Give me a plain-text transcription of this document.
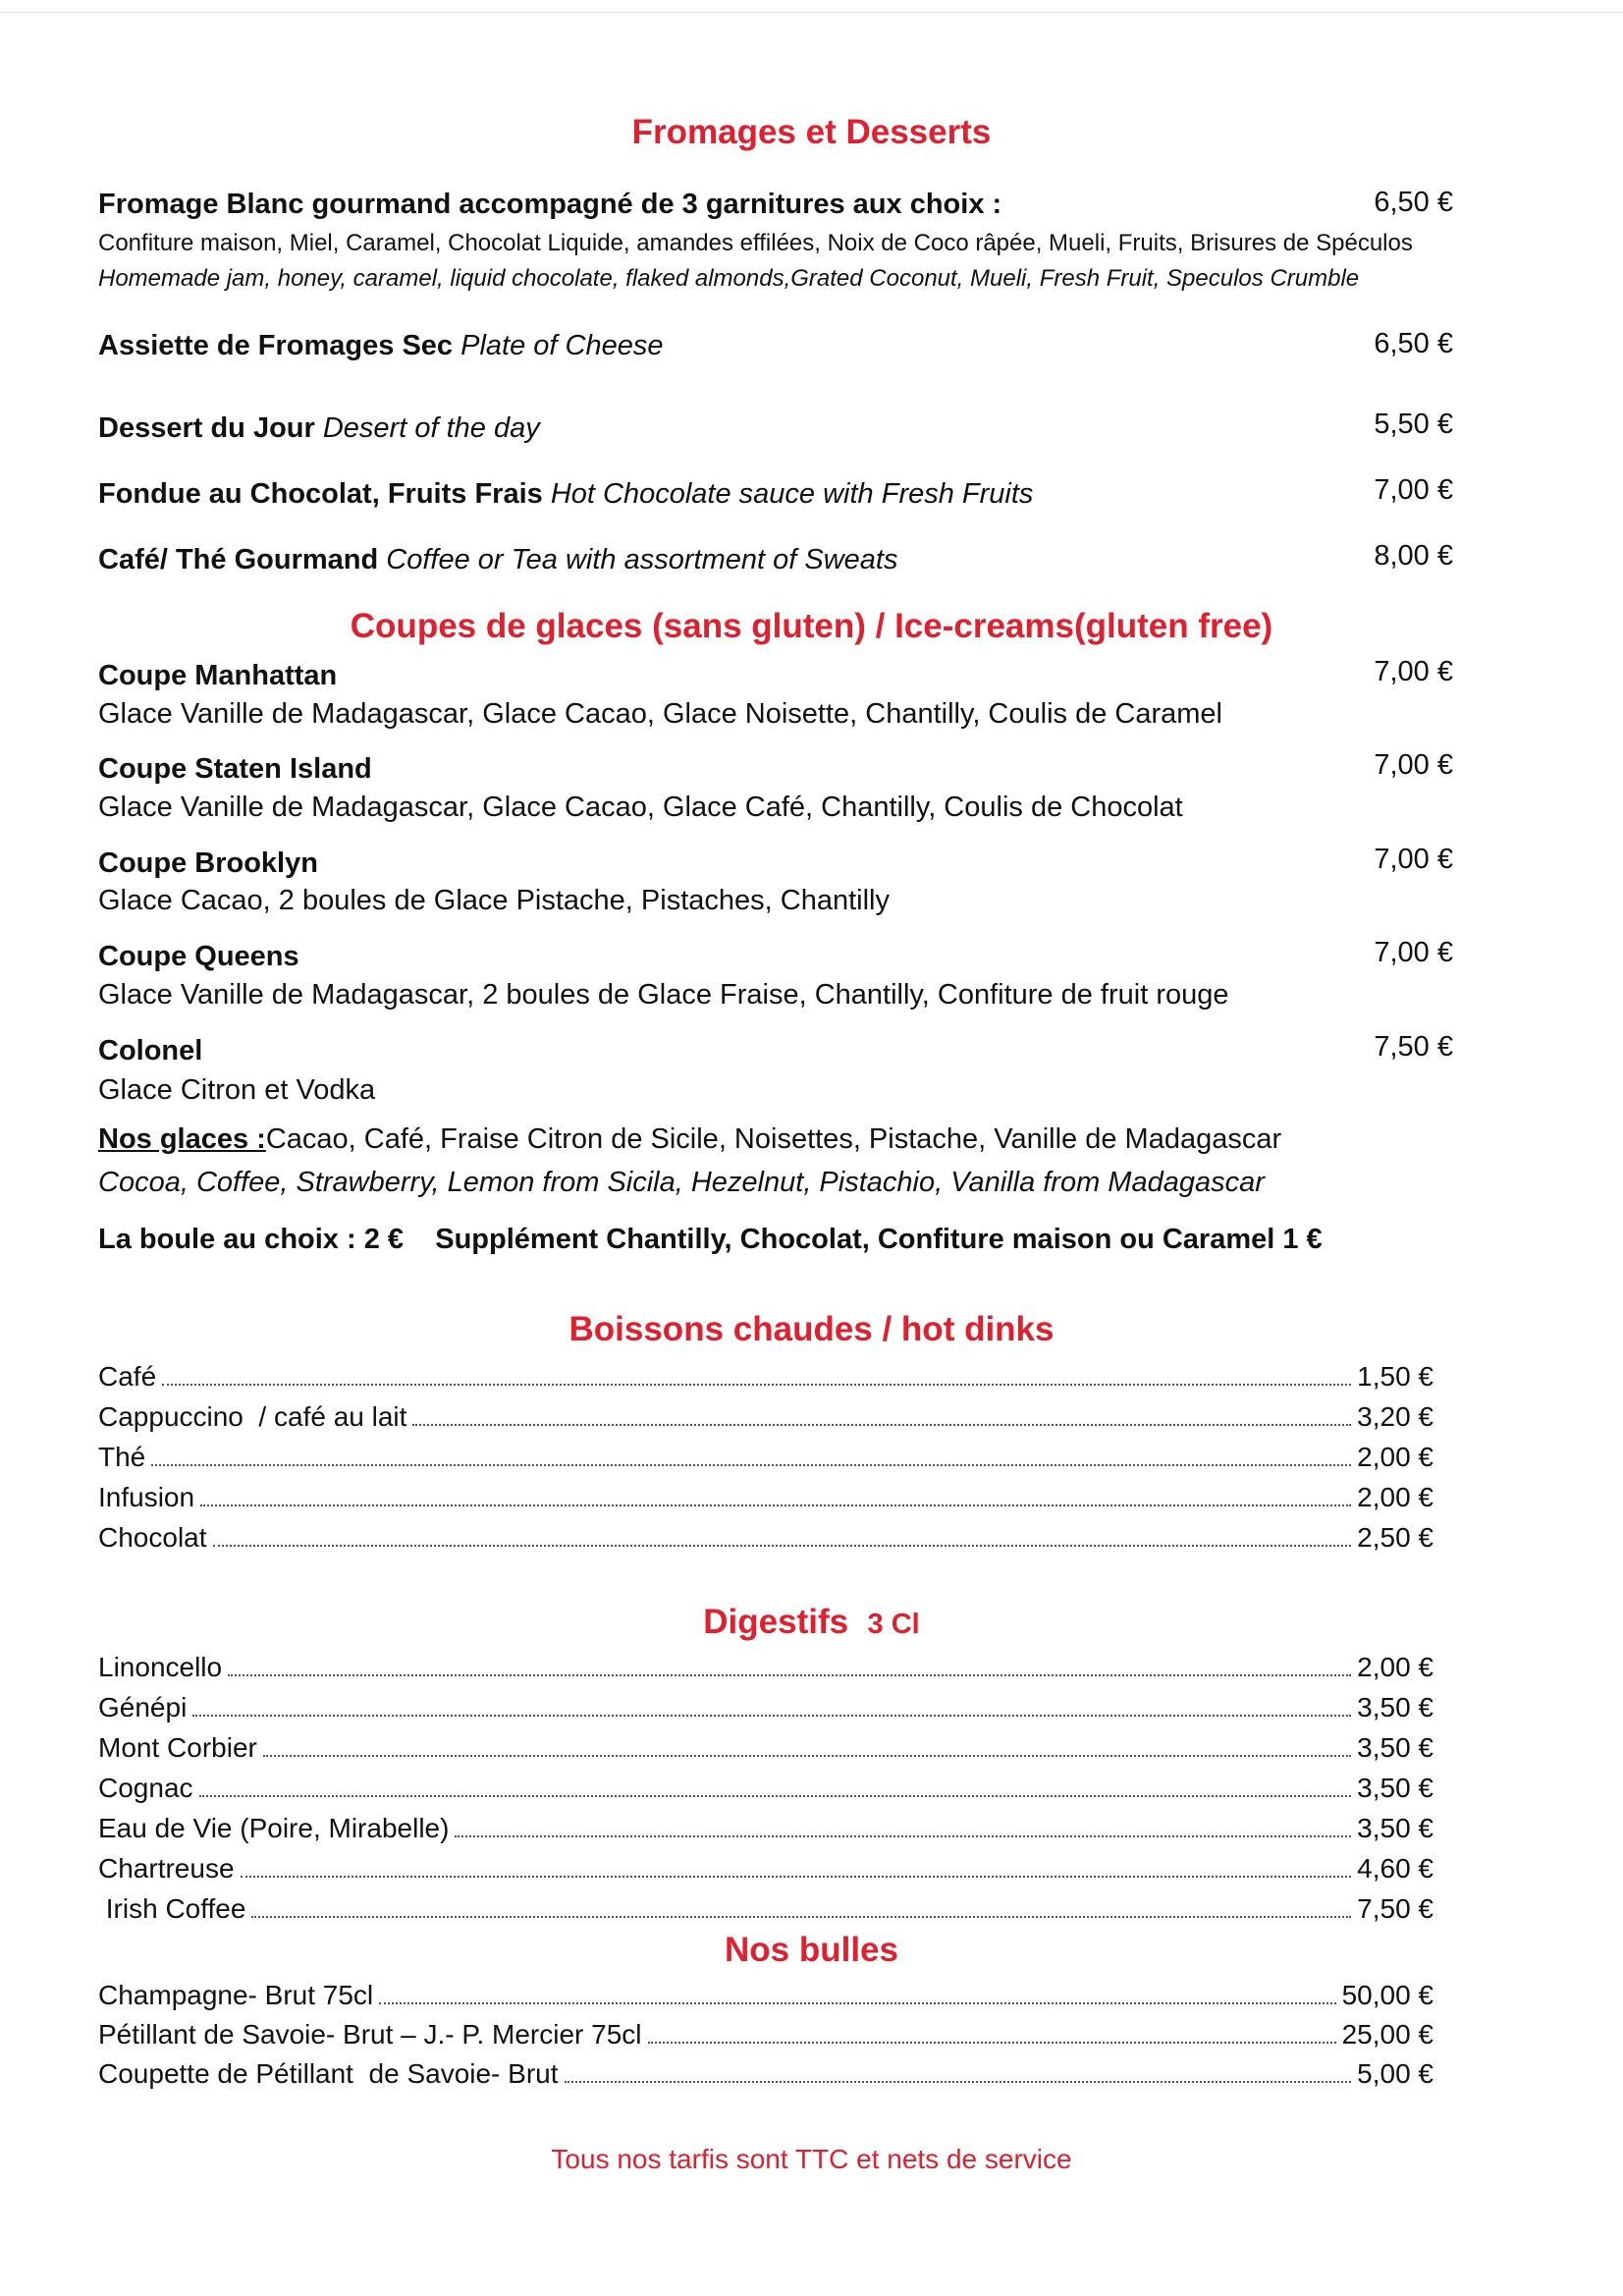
Fromages et Desserts
Fromage Blanc gourmand accompagné de 3 garnitures aux choix :	6,50 €
Confiture maison, Miel, Caramel, Chocolat Liquide, amandes effilées, Noix de Coco râpée, Mueli, Fruits, Brisures de Spéculos
Homemade jam, honey, caramel, liquid chocolate, flaked almonds,Grated Coconut, Mueli, Fresh Fruit, Speculos Crumble
Assiette de Fromages Sec Plate of Cheese	6,50 €
Dessert du Jour Desert of the day	5,50 €
Fondue au Chocolat, Fruits Frais Hot Chocolate sauce with Fresh Fruits	7,00 €
Café/ Thé Gourmand Coffee or Tea with assortment of Sweats	8,00 €
Coupes de glaces (sans gluten) / Ice-creams(gluten free)
Coupe Manhattan	7,00 €
Glace Vanille de Madagascar, Glace Cacao, Glace Noisette, Chantilly, Coulis de Caramel
Coupe Staten Island	7,00 €
Glace Vanille de Madagascar, Glace Cacao, Glace Café, Chantilly, Coulis de Chocolat
Coupe Brooklyn	7,00 €
Glace Cacao, 2 boules de Glace Pistache, Pistaches, Chantilly
Coupe Queens	7,00 €
Glace Vanille de Madagascar, 2 boules de Glace Fraise, Chantilly, Confiture de fruit rouge
Colonel	7,50 €
Glace Citron et Vodka
Nos glaces :Cacao, Café, Fraise Citron de Sicile, Noisettes, Pistache, Vanille de Madagascar
Cocoa, Coffee, Strawberry, Lemon from Sicila, Hezelnut, Pistachio, Vanilla from Madagascar
La boule au choix : 2 €    Supplément Chantilly, Chocolat, Confiture maison ou Caramel 1 €
Boissons chaudes / hot dinks
Café	1,50 €
Cappuccino  / café au lait	3,20 €
Thé	2,00 €
Infusion	2,00 €
Chocolat	2,50 €
Digestifs 3 Cl
Linoncello	2,00 €
Génépi	3,50 €
Mont Corbier	3,50 €
Cognac	3,50 €
Eau de Vie (Poire, Mirabelle)	3,50 €
Chartreuse	4,60 €
Irish Coffee	7,50 €
Nos bulles
Champagne- Brut 75cl	50,00 €
Pétillant de Savoie- Brut – J.- P. Mercier 75cl	25,00 €
Coupette de Pétillant  de Savoie- Brut	5,00 €
Tous nos tarfis sont TTC et nets de service
